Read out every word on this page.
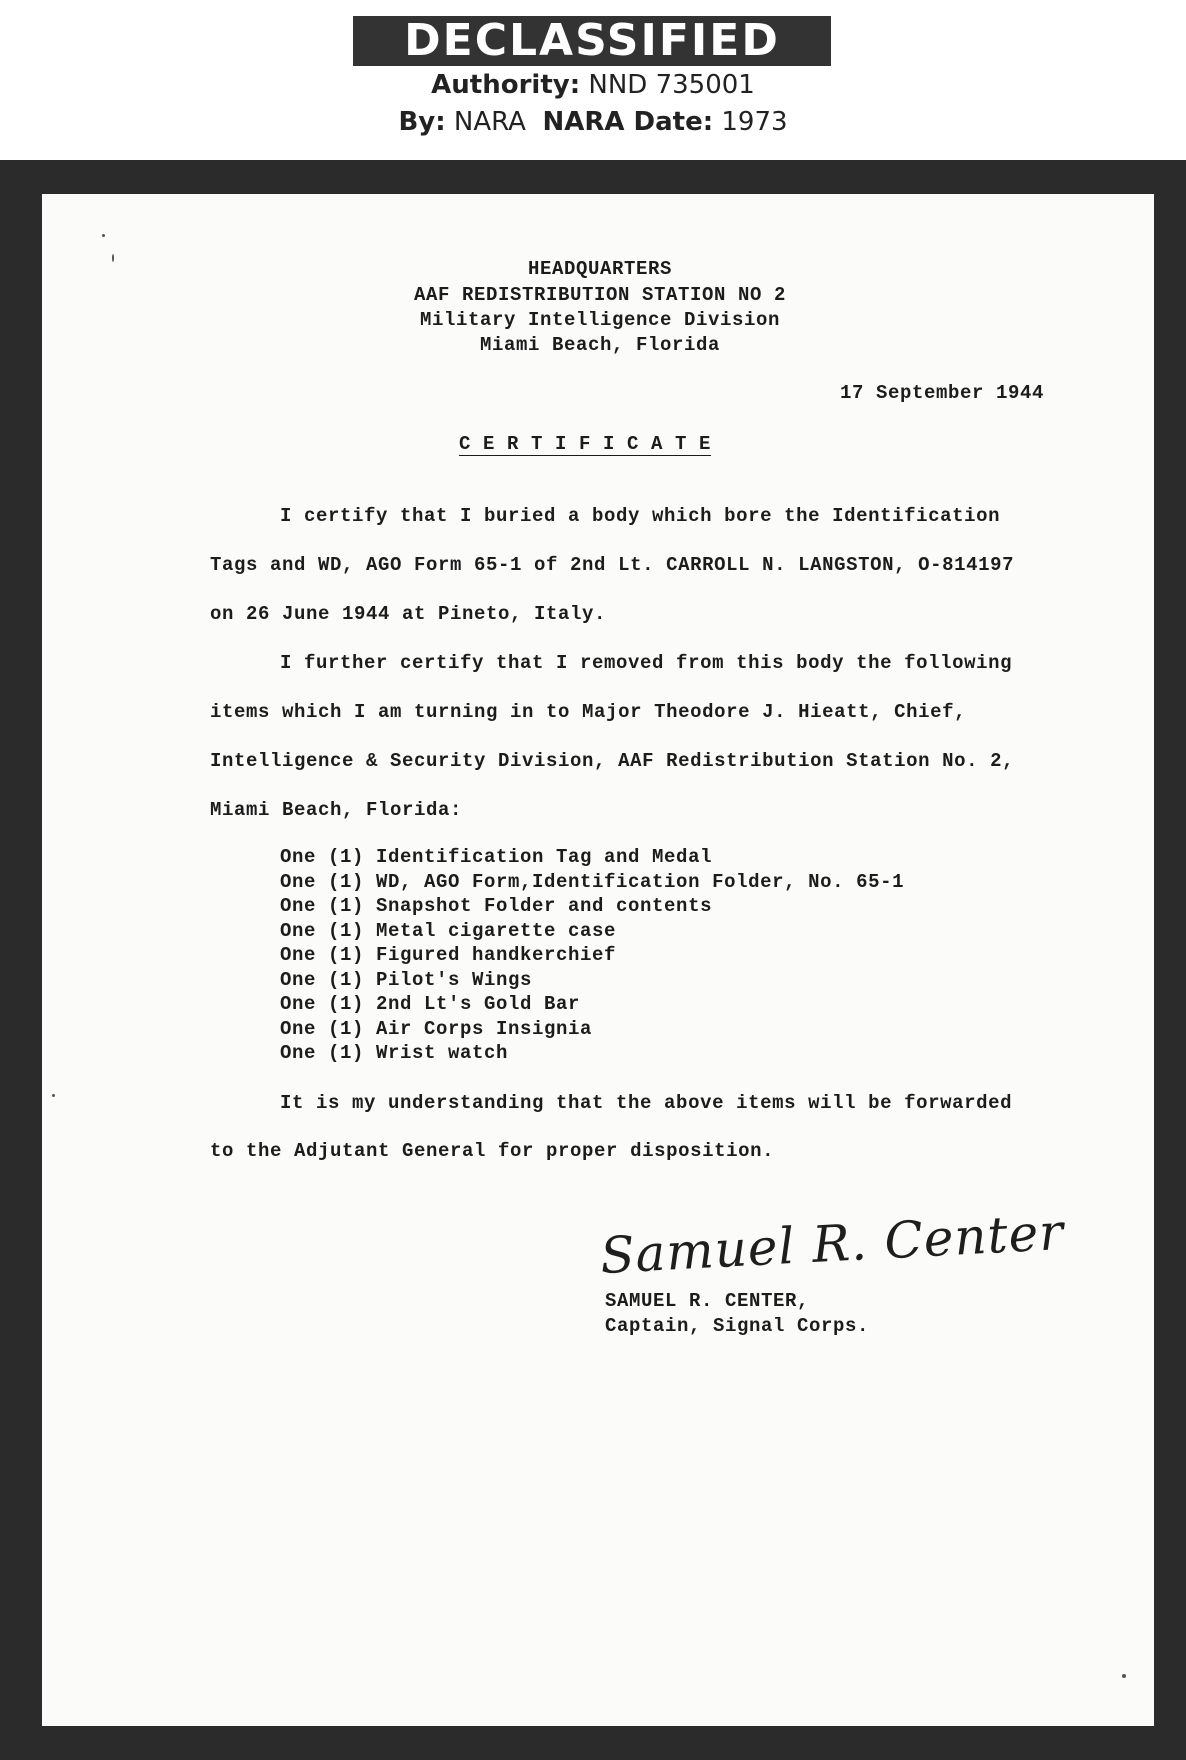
DECLASSIFIED
Authority: NND 735001
By: NARA NARA Date: 1973
HEADQUARTERS
AAF REDISTRIBUTION STATION NO 2
Military Intelligence Division
Miami Beach, Florida
17 September 1944
C E R T I F I C A T E
I certify that I buried a body which bore the Identification
Tags and WD, AGO Form 65-1 of 2nd Lt. CARROLL N. LANGSTON, O-814197
on 26 June 1944 at Pineto, Italy.
I further certify that I removed from this body the following
items which I am turning in to Major Theodore J. Hieatt, Chief,
Intelligence & Security Division, AAF Redistribution Station No. 2,
Miami Beach, Florida:
One (1) Identification Tag and Medal
One (1) WD, AGO Form,Identification Folder, No. 65-1
One (1) Snapshot Folder and contents
One (1) Metal cigarette case
One (1) Figured handkerchief
One (1) Pilot's Wings
One (1) 2nd Lt's Gold Bar
One (1) Air Corps Insignia
One (1) Wrist watch
It is my understanding that the above items will be forwarded
to the Adjutant General for proper disposition.
Samuel R. Center
SAMUEL R. CENTER,
Captain, Signal Corps.
